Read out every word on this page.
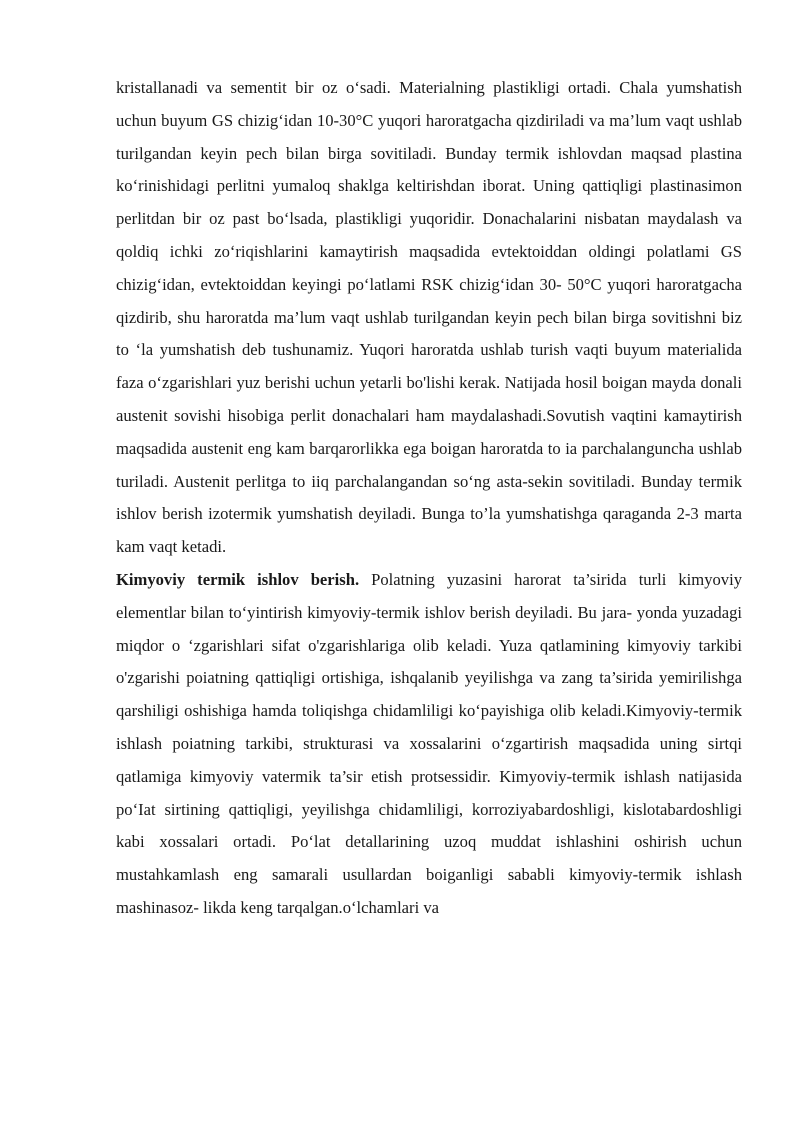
kristallanadi va sementit bir oz o‘sadi. Materialning plastikligi ortadi. Chala yumshatish uchun buyum GS chizig‘idan 10-30°C yuqori haroratgacha qizdiriladi va ma’lum vaqt ushlab turilgandan keyin pech bilan birga sovitiladi. Bunday termik ishlovdan maqsad plastina ko‘rinishidagi perlitni yumaloq shaklga keltirishdan iborat. Uning qattiqligi plastinasimon perlitdan bir oz past bo‘lsada, plastikligi yuqoridir. Donachalarini nisbatan maydalash va qoldiq ichki zo‘riqishlarini kamaytirish maqsadida evtektoiddan oldingi polatlami GS chizig‘idan, evtektoiddan keyingi po‘latlami RSK chizig‘idan 30- 50°C yuqori haroratgacha qizdirib, shu haroratda ma’lum vaqt ushlab turilgandan keyin pech bilan birga sovitishni biz to ‘la yumshatish deb tushunamiz. Yuqori haroratda ushlab turish vaqti buyum materialida faza o‘zgarishlari yuz berishi uchun yetarli bo'lishi kerak. Natijada hosil boigan mayda donali austenit sovishi hisobiga perlit donachalari ham maydalashadi.Sovutish vaqtini kamaytirish maqsadida austenit eng kam barqarorlikka ega boigan haroratda to ia parchalanguncha ushlab turiladi. Austenit perlitga to iiq parchalangandan so‘ng asta-sekin sovitiladi. Bunday termik ishlov berish izotermik yumshatish deyiladi. Bunga to’la yumshatishga qaraganda 2-3 marta kam vaqt ketadi.

Kimyoviy termik ishlov berish. Polatning yuzasini harorat ta’sirida turli kimyoviy elementlar bilan to‘yintirish kimyoviy-termik ishlov berish deyiladi. Bu jara- yonda yuzadagi miqdor o ‘zgarishlari sifat o'zgarishlariga olib keladi. Yuza qatlamining kimyoviy tarkibi o'zgarishi poiatning qattiqligi ortishiga, ishqalanib yeyilishga va zang ta’sirida yemirilishga qarshiligi oshishiga hamda toliqishga chidamliligi ko‘payishiga olib keladi.Kimyoviy-termik ishlash poiatning tarkibi, strukturasi va xossalarini o‘zgartirish maqsadida uning sirtqi qatlamiga kimyoviy vatermik ta’sir etish protsessidir. Kimyoviy-termik ishlash natijasida po‘Iat sirtining qattiqligi, yeyilishga chidamliligi, korroziyabardoshligi, kislotabardoshligi kabi xossalari ortadi. Po‘lat detallarining uzoq muddat ishlashini oshirish uchun mustahkamlash eng samarali usullardan boiganligi sababli kimyoviy-termik ishlash mashinasoz- likda keng tarqalgan.o‘lchamlari va
